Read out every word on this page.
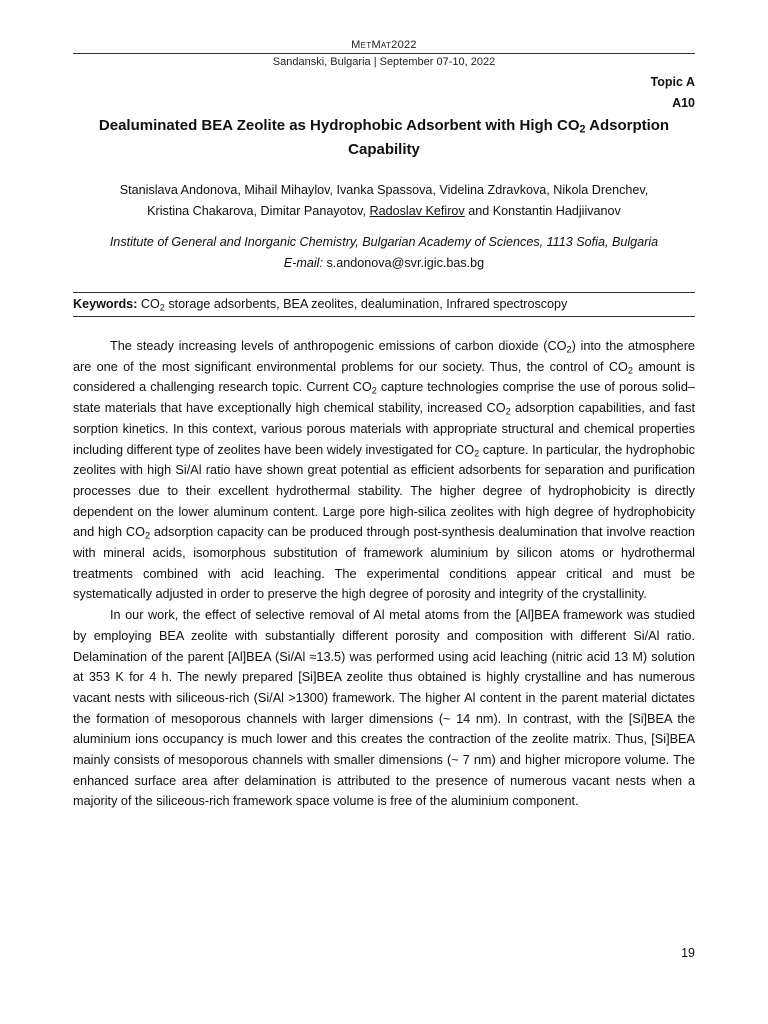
MetMat2022
Sandanski, Bulgaria | September 07-10, 2022
Topic A
A10
Dealuminated BEA Zeolite as Hydrophobic Adsorbent with High $CO_2$ Adsorption Capability
Stanislava Andonova, Mihail Mihaylov, Ivanka Spassova, Videlina Zdravkova, Nikola Drenchev,
Kristina Chakarova, Dimitar Panayotov, Radoslav Kefirov and Konstantin Hadjiivanov
Institute of General and Inorganic Chemistry, Bulgarian Academy of Sciences, 1113 Sofia, Bulgaria
E-mail: s.andonova@svr.igic.bas.bg
Keywords: $CO_2$ storage adsorbents, BEA zeolites, dealumination, Infrared spectroscopy

The steady increasing levels of anthropogenic emissions of carbon dioxide $(CO_2)$ into the atmosphere are one of the most significant environmental problems for our society. Thus, the control of $CO_2$ amount is considered a challenging research topic. Current $CO_2$ capture technologies comprise the use of porous solid–state materials that have exceptionally high chemical stability, increased $CO_2$ adsorption capabilities, and fast sorption kinetics. In this context, various porous materials with appropriate structural and chemical properties including different type of zeolites have been widely investigated for $CO_2$ capture. In particular, the hydrophobic zeolites with high Si/Al ratio have shown great potential as efficient adsorbents for separation and purification processes due to their excellent hydrothermal stability. The higher degree of hydrophobicity is directly dependent on the lower aluminum content. Large pore high-silica zeolites with high degree of hydrophobicity and high $CO_2$ adsorption capacity can be produced through post-synthesis dealumination that involve reaction with mineral acids, isomorphous substitution of framework aluminium by silicon atoms or hydrothermal treatments combined with acid leaching. The experimental conditions appear critical and must be systematically adjusted in order to preserve the high degree of porosity and integrity of the crystallinity.

In our work, the effect of selective removal of Al metal atoms from the [Al]BEA framework was studied by employing BEA zeolite with substantially different porosity and composition with different Si/Al ratio. Delamination of the parent [Al]BEA (Si/Al ≈13.5) was performed using acid leaching (nitric acid 13 M) solution at 353 K for 4 h. The newly prepared [Si]BEA zeolite thus obtained is highly crystalline and has numerous vacant nests with siliceous-rich (Si/Al >1300) framework. The higher Al content in the parent material dictates the formation of mesoporous channels with larger dimensions (~ 14 nm). In contrast, with the [Si]BEA the aluminium ions occupancy is much lower and this creates the contraction of the zeolite matrix. Thus, [Si]BEA mainly consists of mesoporous channels with smaller dimensions (~ 7 nm) and higher micropore volume. The enhanced surface area after delamination is attributed to the presence of numerous vacant nests when a majority of the siliceous-rich framework space volume is free of the aluminium component.

19
